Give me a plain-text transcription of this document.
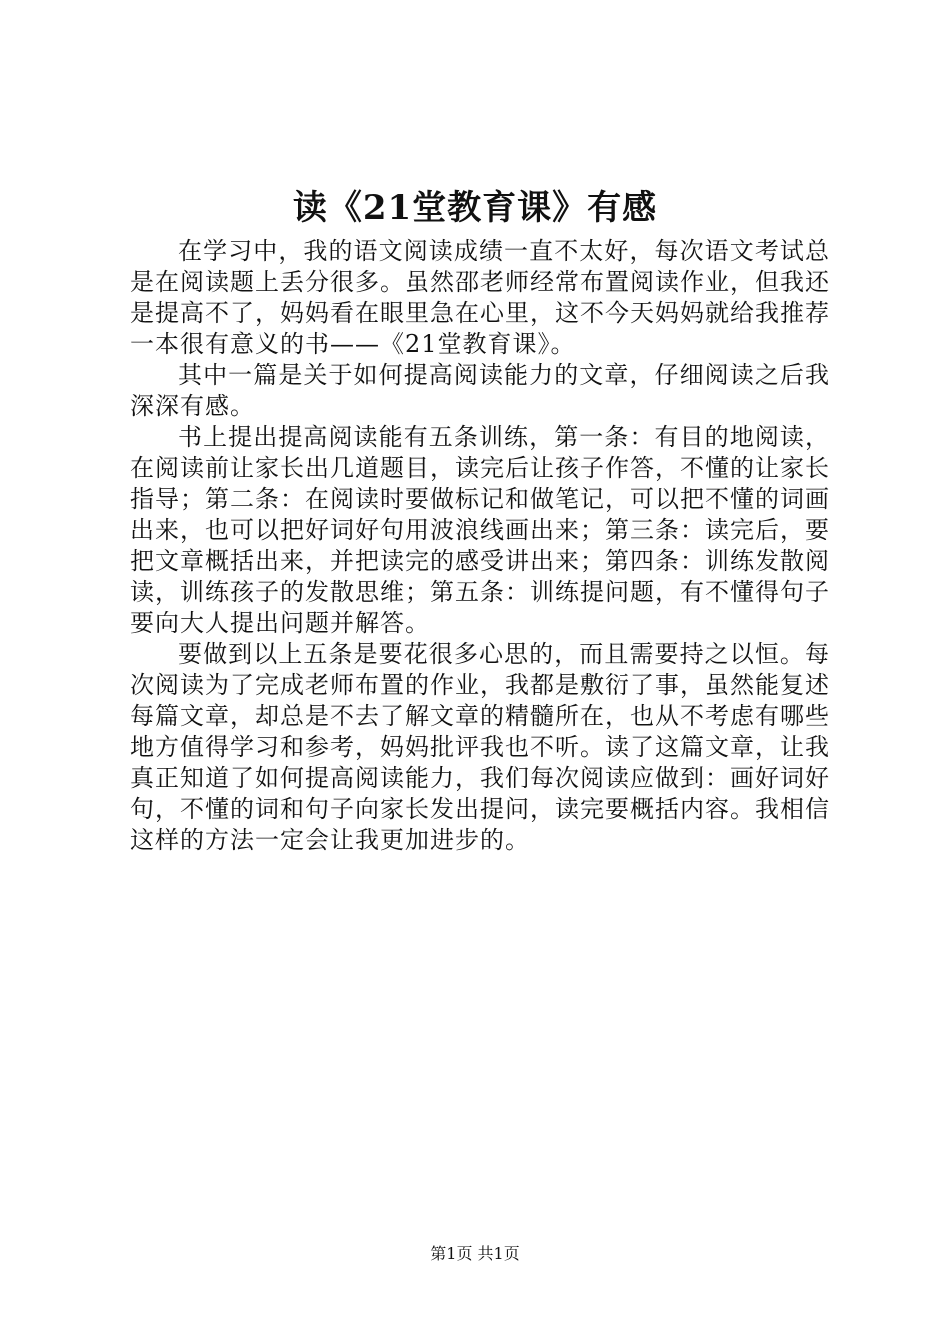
读《21堂教育课》有感

在学习中，我的语文阅读成绩一直不太好，每次语文考试总是在阅读题上丢分很多。虽然邵老师经常布置阅读作业，但我还是提高不了，妈妈看在眼里急在心里，这不今天妈妈就给我推荐一本很有意义的书——《21堂教育课》。

其中一篇是关于如何提高阅读能力的文章，仔细阅读之后我深深有感。

书上提出提高阅读能有五条训练，第一条：有目的地阅读，在阅读前让家长出几道题目，读完后让孩子作答，不懂的让家长指导；第二条：在阅读时要做标记和做笔记，可以把不懂的词画出来，也可以把好词好句用波浪线画出来；第三条：读完后，要把文章概括出来，并把读完的感受讲出来；第四条：训练发散阅读，训练孩子的发散思维；第五条：训练提问题，有不懂得句子要向大人提出问题并解答。

要做到以上五条是要花很多心思的，而且需要持之以恒。每次阅读为了完成老师布置的作业，我都是敷衍了事，虽然能复述每篇文章，却总是不去了解文章的精髓所在，也从不考虑有哪些地方值得学习和参考，妈妈批评我也不听。读了这篇文章，让我真正知道了如何提高阅读能力，我们每次阅读应做到：画好词好句，不懂的词和句子向家长发出提问，读完要概括内容。我相信这样的方法一定会让我更加进步的。

第1页 共1页
